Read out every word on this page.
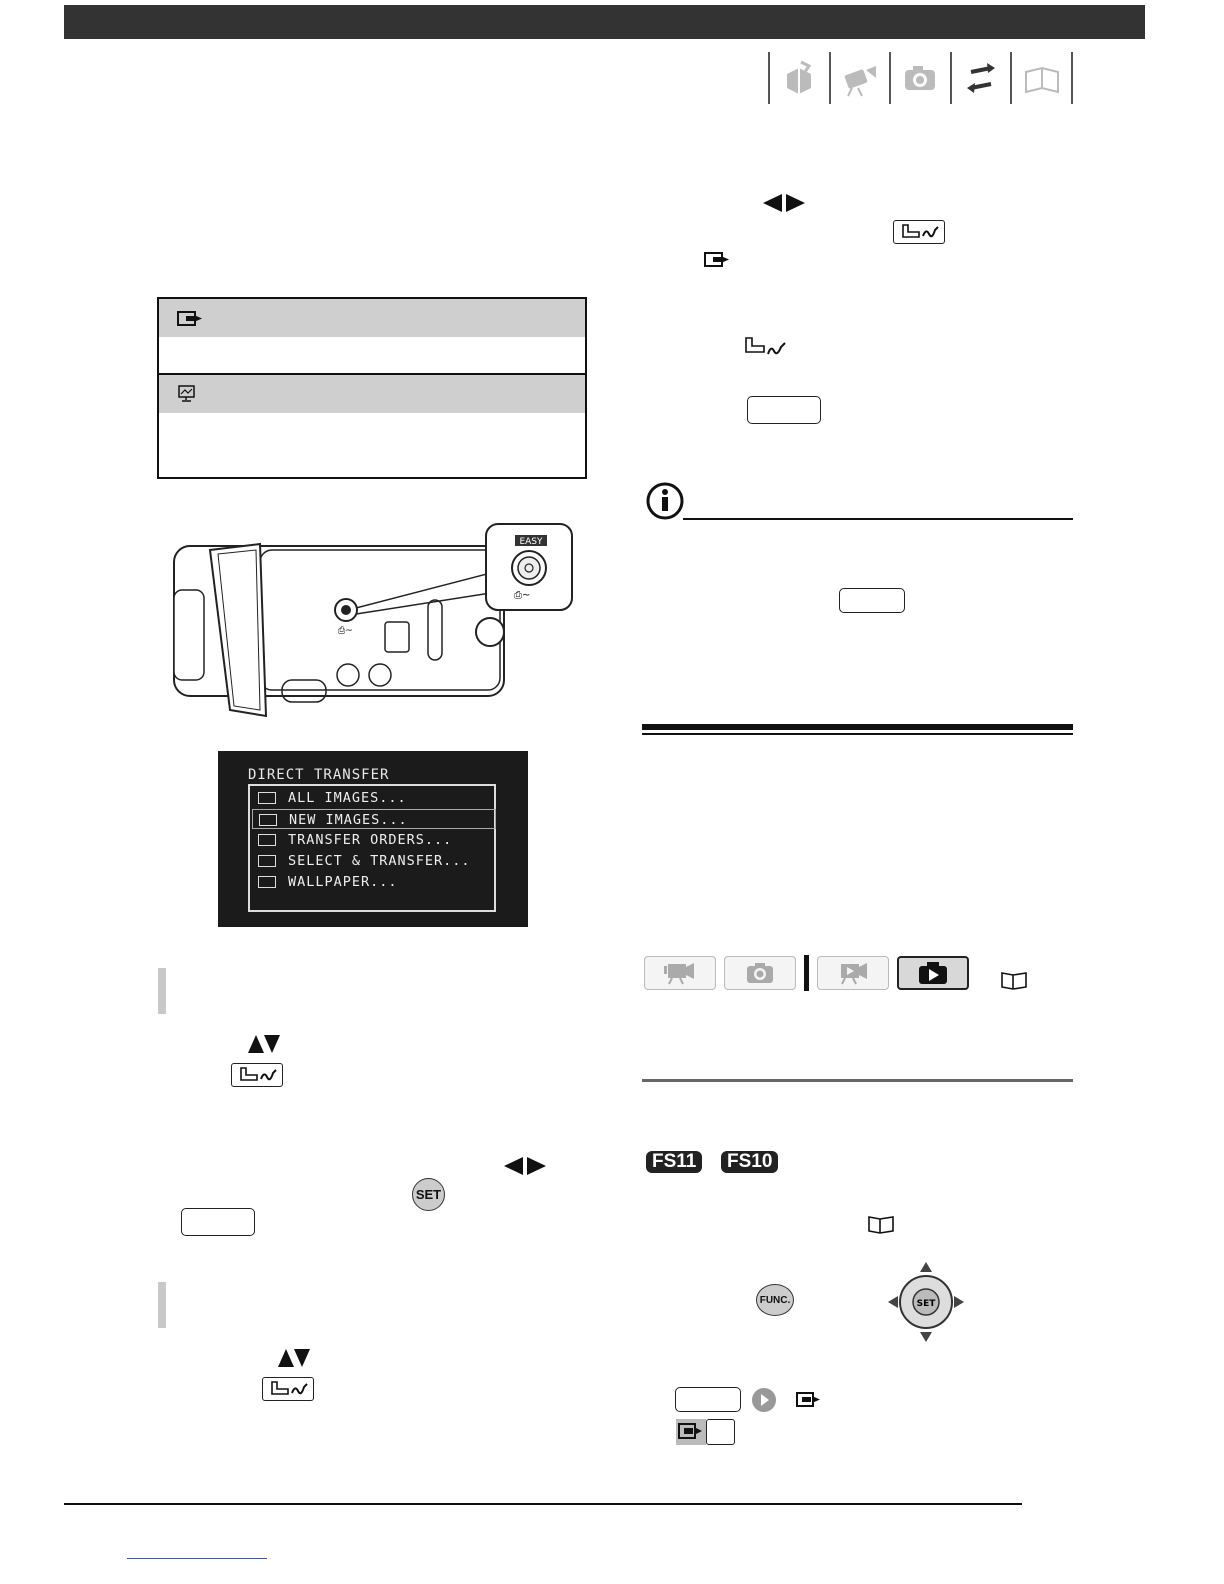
⎙~
EASY
⎙~
DIRECT TRANSFER
ALL IMAGES...
NEW IMAGES...
TRANSFER ORDERS...
SELECT & TRANSFER...
WALLPAPER...
SET
FS11	FS10
FUNC.	SET
